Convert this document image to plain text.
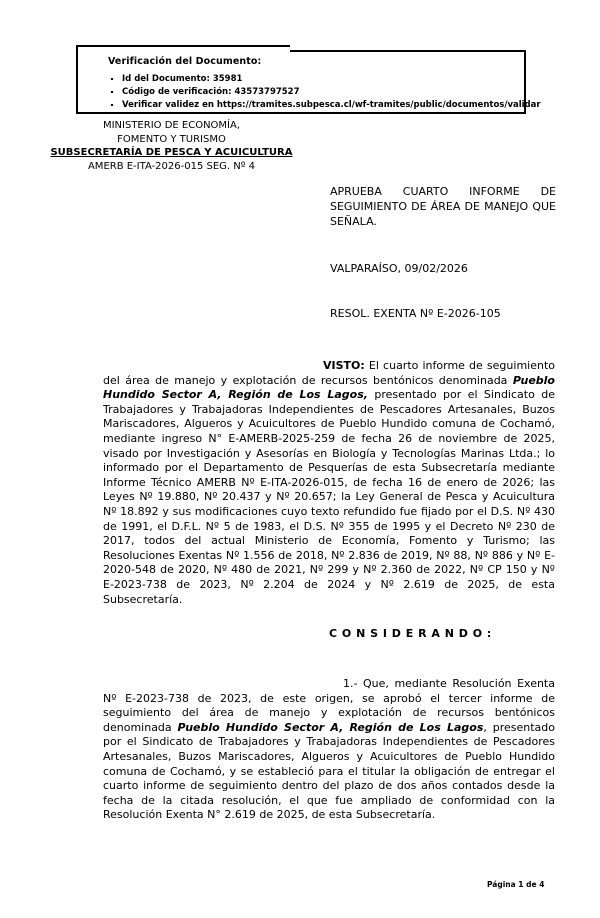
Verificación del Documento:
▪ Id del Documento: 35981
▪ Código de verificación: 43573797527
▪ Verificar validez en https://tramites.subpesca.cl/wf-tramites/public/documentos/validar
MINISTERIO DE ECONOMÍA,
FOMENTO Y TURISMO
SUBSECRETARÍA DE PESCA Y ACUICULTURA
AMERB E-ITA-2026-015 SEG. Nº 4
APRUEBA CUARTO INFORME DE SEGUIMIENTO DE ÁREA DE MANEJO QUE SEÑALA.
VALPARAÍSO, 09/02/2026
RESOL. EXENTA Nº E-2026-105

VISTO: El cuarto informe de seguimiento del área de manejo y explotación de recursos bentónicos denominada Pueblo Hundido Sector A, Región de Los Lagos, presentado por el Sindicato de Trabajadores y Trabajadoras Independientes de Pescadores Artesanales, Buzos Mariscadores, Algueros y Acuicultores de Pueblo Hundido comuna de Cochamó, mediante ingreso N° E-AMERB-2025-259 de fecha 26 de noviembre de 2025, visado por Investigación y Asesorías en Biología y Tecnologías Marinas Ltda.; lo informado por el Departamento de Pesquerías de esta Subsecretaría mediante Informe Técnico AMERB Nº E-ITA-2026-015, de fecha 16 de enero de 2026; las Leyes Nº 19.880, Nº 20.437 y Nº 20.657; la Ley General de Pesca y Acuicultura Nº 18.892 y sus modificaciones cuyo texto refundido fue fijado por el D.S. Nº 430 de 1991, el D.F.L. Nº 5 de 1983, el D.S. Nº 355 de 1995 y el Decreto Nº 230 de 2017, todos del actual Ministerio de Economía, Fomento y Turismo; las Resoluciones Exentas Nº 1.556 de 2018, Nº 2.836 de 2019, Nº 88, Nº 886 y Nº E-2020-548 de 2020, Nº 480 de 2021, Nº 299 y Nº 2.360 de 2022, Nº CP 150 y Nº E-2023-738 de 2023, Nº 2.204 de 2024 y Nº 2.619 de 2025, de esta Subsecretaría.

C O N S I D E R A N D O :

1.- Que, mediante Resolución Exenta Nº E-2023-738 de 2023, de este origen, se aprobó el tercer informe de seguimiento del área de manejo y explotación de recursos bentónicos denominada Pueblo Hundido Sector A, Región de Los Lagos, presentado por el Sindicato de Trabajadores y Trabajadoras Independientes de Pescadores Artesanales, Buzos Mariscadores, Algueros y Acuicultores de Pueblo Hundido comuna de Cochamó, y se estableció para el titular la obligación de entregar el cuarto informe de seguimiento dentro del plazo de dos años contados desde la fecha de la citada resolución, el que fue ampliado de conformidad con la Resolución Exenta N° 2.619 de 2025, de esta Subsecretaría.

Página 1 de 4
